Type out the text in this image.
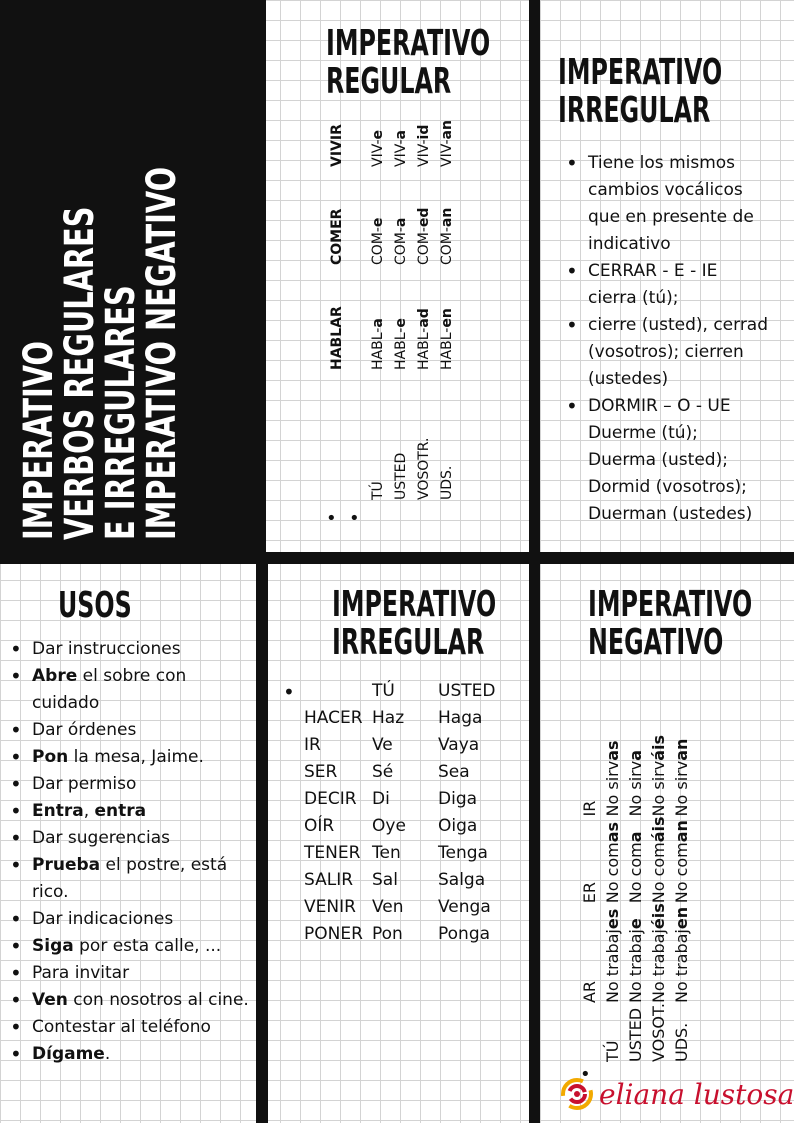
IMPERATIVO
VERBOS REGULARES
E IRREGULARES
IMPERATIVO NEGATIVO
IMPERATIVO
REGULAR
	HABLAR	COMER	VIVIR

TÚ	HABL-a	COM-e	VIV-e
USTED	HABL-e	COM-a	VIV-a
VOSOTR.	HABL-ad	COM-ed	VIV-id
UDS.	HABL-en	COM-an	VIV-an
• •
IMPERATIVO
IRREGULAR
• Tiene los mismos cambios vocálicos que en presente de indicativo
• CERRAR - E - IE cierra (tú);
• cierre (usted), cerrad (vosotros); cierren (ustedes)
• DORMIR – O - UE Duerme (tú); Duerma (usted); Dormid (vosotros); Duerman (ustedes)
USOS
• Dar instrucciones
• Abre el sobre con cuidado
• Dar órdenes
• Pon la mesa, Jaime.
• Dar permiso
• Entra, entra
• Dar sugerencias
• Prueba el postre, está rico.
• Dar indicaciones
• Siga por esta calle, ...
• Para invitar
• Ven con nosotros al cine.
• Contestar al teléfono
• Dígame.
IMPERATIVO
IRREGULAR
•
		TÚ	USTED
HACER	Haz	Haga
IR	Ve	Vaya
SER	Sé	Sea
DECIR	Di	Diga
OÍR	Oye	Oiga
TENER	Ten	Tenga
SALIR	Sal	Salga
VENIR	Ven	Venga
PONER	Pon	Ponga
IMPERATIVO
NEGATIVO
	AR	ER	IR
TÚ	No trabajes	No comas	No sirvas
USTED	No trabaje	No coma	No sirva
VOSOT.	No trabajéis	No comáis	No sirváis
UDS.	No trabajen	No coman	No sirvan
•
eliana lustosa
